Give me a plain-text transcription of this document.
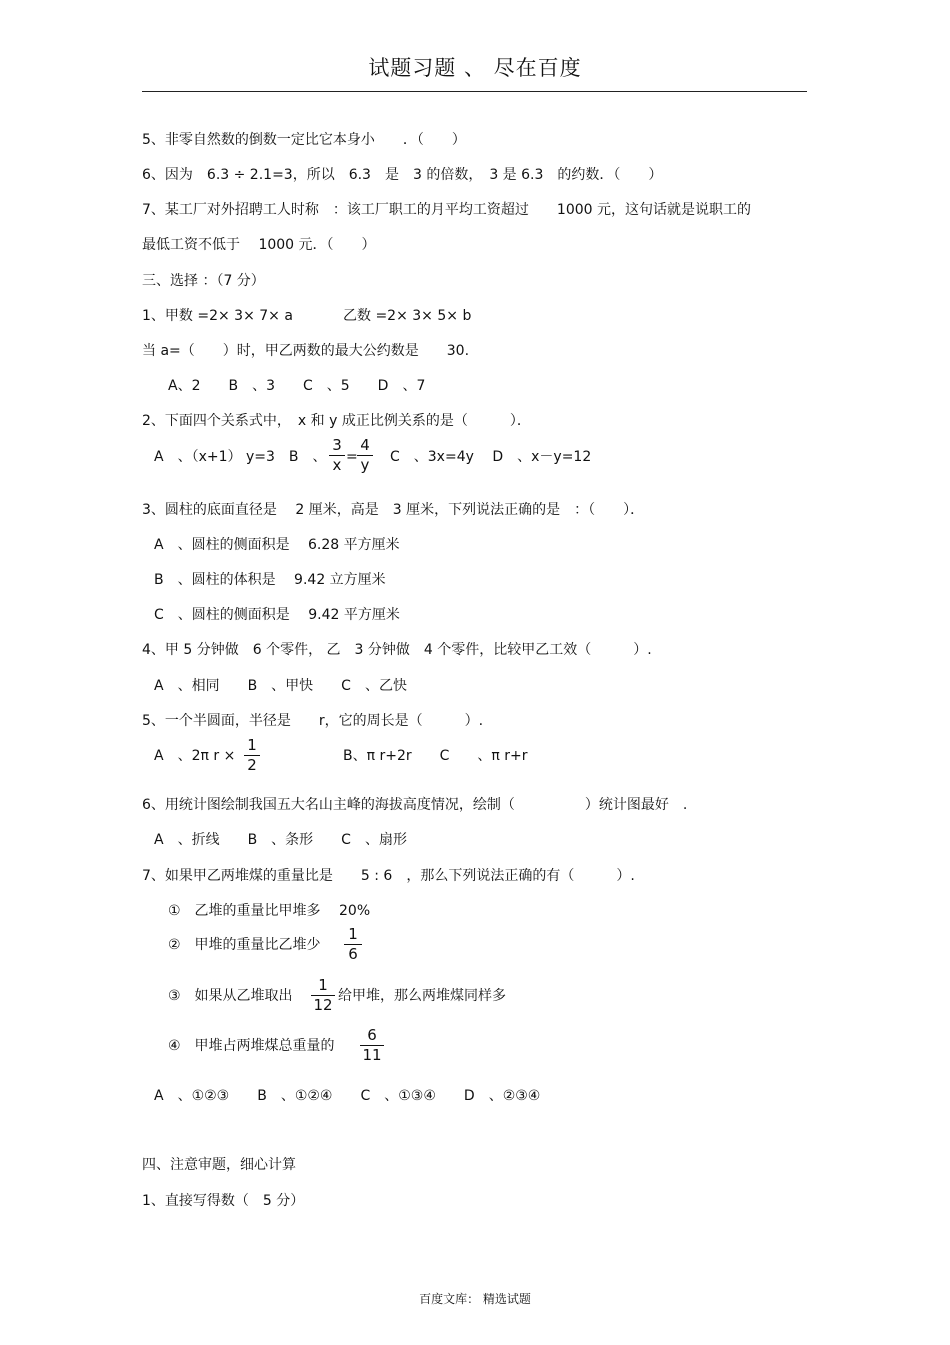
试题习题 、 尽在百度
5、非零自然数的倒数一定比它本身小　　．（　　）
6、因为　6.3 ÷ 2.1=3，所以　6.3　是　3 的倍数，　3 是 6.3　的约数．（　　）
7、某工厂对外招聘工人时称　：该工厂职工的月平均工资超过　　1000 元，这句话就是说职工的
最低工资不低于　 1000 元．（　　）
三、选择 ：（7 分）
1、甲数 =2× 3× 7× a	乙数 =2× 3× 5× b
当 a=（　　）时，甲乙两数的最大公约数是　　30.
A、2　　B　、3　　C　、5　　D　、7
2、下面四个关系式中，　x 和 y 成正比例关系的是（　　　）．
A　、（x+1） y=3　B　、
3
x =
4
y C　、3x=4y　 D　、x－y=12
3、圆柱的底面直径是　 2 厘米，高是　3 厘米，下列说法正确的是　：（　　）．
A　、圆柱的侧面积是　 6.28 平方厘米
B　、圆柱的体积是　 9.42 立方厘米
C　、圆柱的侧面积是　 9.42 平方厘米
4、甲 5 分钟做　6 个零件， 乙　3 分钟做　4 个零件，比较甲乙工效（　　　）.
A　、相同　　B　、甲快　　C　、乙快
5、一个半圆面，半径是　　r，它的周长是（　　　）.
A　、2π r ×
1
2	B、π r+2r　　C　　、π r+r
6、用统计图绘制我国五大名山主峰的海拔高度情况，绘制（　　　　　）统计图最好　.
A　、折线　　B　、条形　　C　、扇形
7、如果甲乙两堆煤的重量比是　　5 : 6　，那么下列说法正确的有（　　　）.
①　乙堆的重量比甲堆多　 20%
②　甲堆的重量比乙堆少
1
6
③　如果从乙堆取出
1
12 给甲堆，那么两堆煤同样多
④　甲堆占两堆煤总重量的
6
11
A　、①②③　　B　、①②④　　C　、①③④　　D　、②③④
四、注意审题，细心计算
1、直接写得数（　5 分）
百度文库： 精选试题
